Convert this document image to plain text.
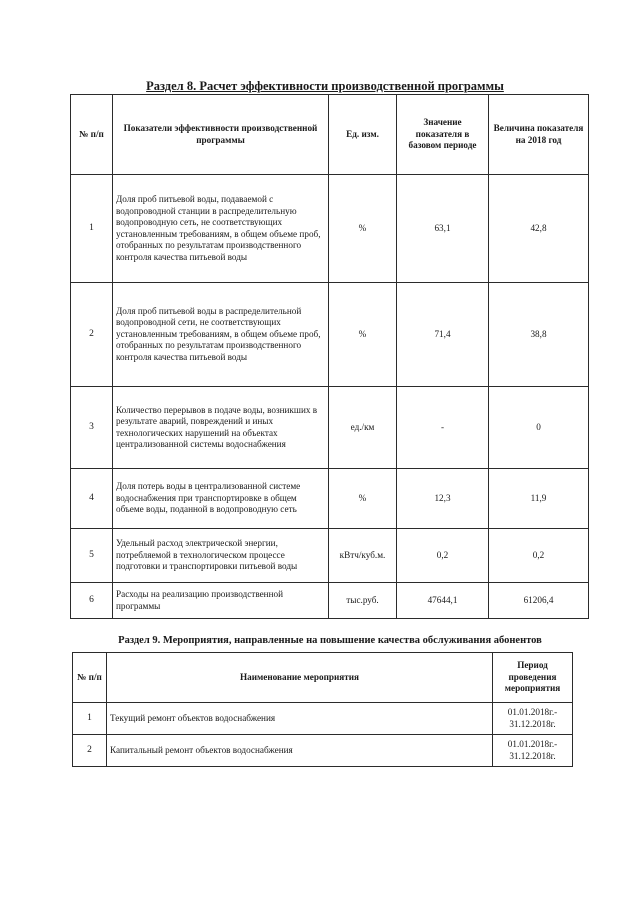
Раздел 8. Расчет эффективности производственной программы
№ п/п	Показатели эффективности производственной программы	Ед. изм.	Значение показателя в базовом периоде	Величина показателя на 2018 год
1	Доля проб питьевой воды, подаваемой с водопроводной станции в распределительную водопроводную сеть, не соответствующих установленным требованиям, в общем объеме проб, отобранных по результатам производственного контроля качества питьевой воды	%	63,1	42,8
2	Доля проб питьевой воды в распределительной водопроводной сети, не соответствующих установленным требованиям, в общем объеме проб, отобранных по результатам производственного контроля качества питьевой воды	%	71,4	38,8
3	Количество перерывов в подаче воды, возникших в результате аварий, повреждений и иных технологических нарушений на объектах централизованной системы водоснабжения	ед./км	-	0
4	Доля потерь воды в централизованной системе водоснабжения при транспортировке в общем объеме воды, поданной в водопроводную сеть	%	12,3	11,9
5	Удельный расход электрической энергии, потребляемой в технологическом процессе подготовки и транспортировки питьевой воды	кВтч/куб.м.	0,2	0,2
6	Расходы на реализацию производственной программы	тыс.руб.	47644,1	61206,4
Раздел 9. Мероприятия, направленные на повышение качества обслуживания абонентов
№ п/п	Наименование мероприятия	Период проведения мероприятия
1	Текущий ремонт объектов водоснабжения	01.01.2018г.- 31.12.2018г.
2	Капитальный ремонт объектов водоснабжения	01.01.2018г.- 31.12.2018г.
